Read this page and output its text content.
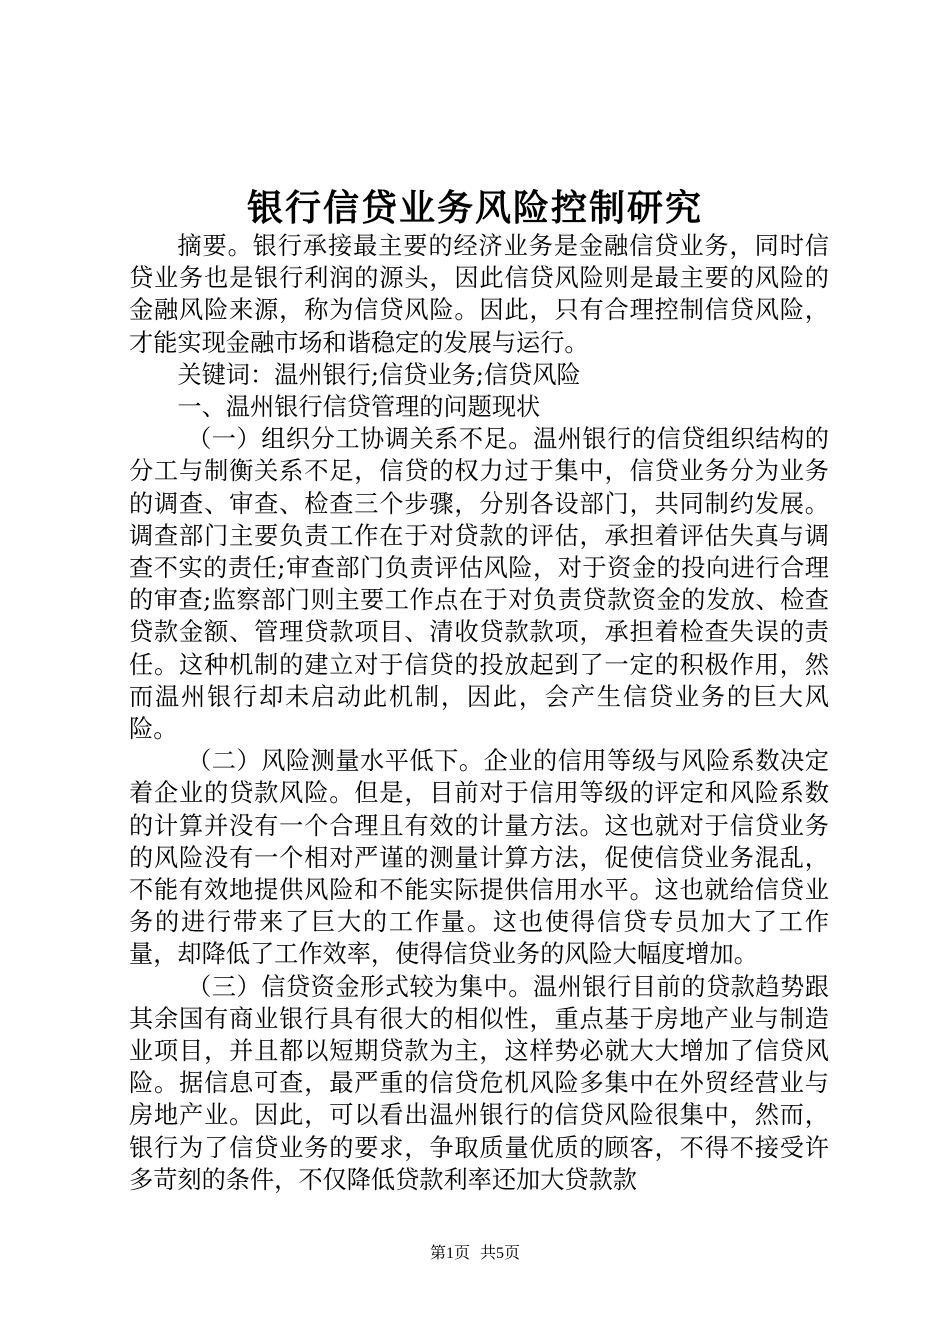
银行信贷业务风险控制研究

摘要。银行承接最主要的经济业务是金融信贷业务，同时信贷业务也是银行利润的源头，因此信贷风险则是最主要的风险的金融风险来源，称为信贷风险。因此，只有合理控制信贷风险，才能实现金融市场和谐稳定的发展与运行。

关键词：温州银行;信贷业务;信贷风险

一、温州银行信贷管理的问题现状

（一）组织分工协调关系不足。温州银行的信贷组织结构的分工与制衡关系不足，信贷的权力过于集中，信贷业务分为业务的调查、审查、检查三个步骤，分别各设部门，共同制约发展。调查部门主要负责工作在于对贷款的评估，承担着评估失真与调查不实的责任;审查部门负责评估风险，对于资金的投向进行合理的审查;监察部门则主要工作点在于对负责贷款资金的发放、检查贷款金额、管理贷款项目、清收贷款款项，承担着检查失误的责任。这种机制的建立对于信贷的投放起到了一定的积极作用，然而温州银行却未启动此机制，因此，会产生信贷业务的巨大风险。

（二）风险测量水平低下。企业的信用等级与风险系数决定着企业的贷款风险。但是，目前对于信用等级的评定和风险系数的计算并没有一个合理且有效的计量方法。这也就对于信贷业务的风险没有一个相对严谨的测量计算方法，促使信贷业务混乱，不能有效地提供风险和不能实际提供信用水平。这也就给信贷业务的进行带来了巨大的工作量。这也使得信贷专员加大了工作量，却降低了工作效率，使得信贷业务的风险大幅度增加。

（三）信贷资金形式较为集中。温州银行目前的贷款趋势跟其余国有商业银行具有很大的相似性，重点基于房地产业与制造业项目，并且都以短期贷款为主，这样势必就大大增加了信贷风险。据信息可查，最严重的信贷危机风险多集中在外贸经营业与房地产业。因此，可以看出温州银行的信贷风险很集中，然而，银行为了信贷业务的要求，争取质量优质的顾客，不得不接受许多苛刻的条件，不仅降低贷款利率还加大贷款款

第1页 共5页
